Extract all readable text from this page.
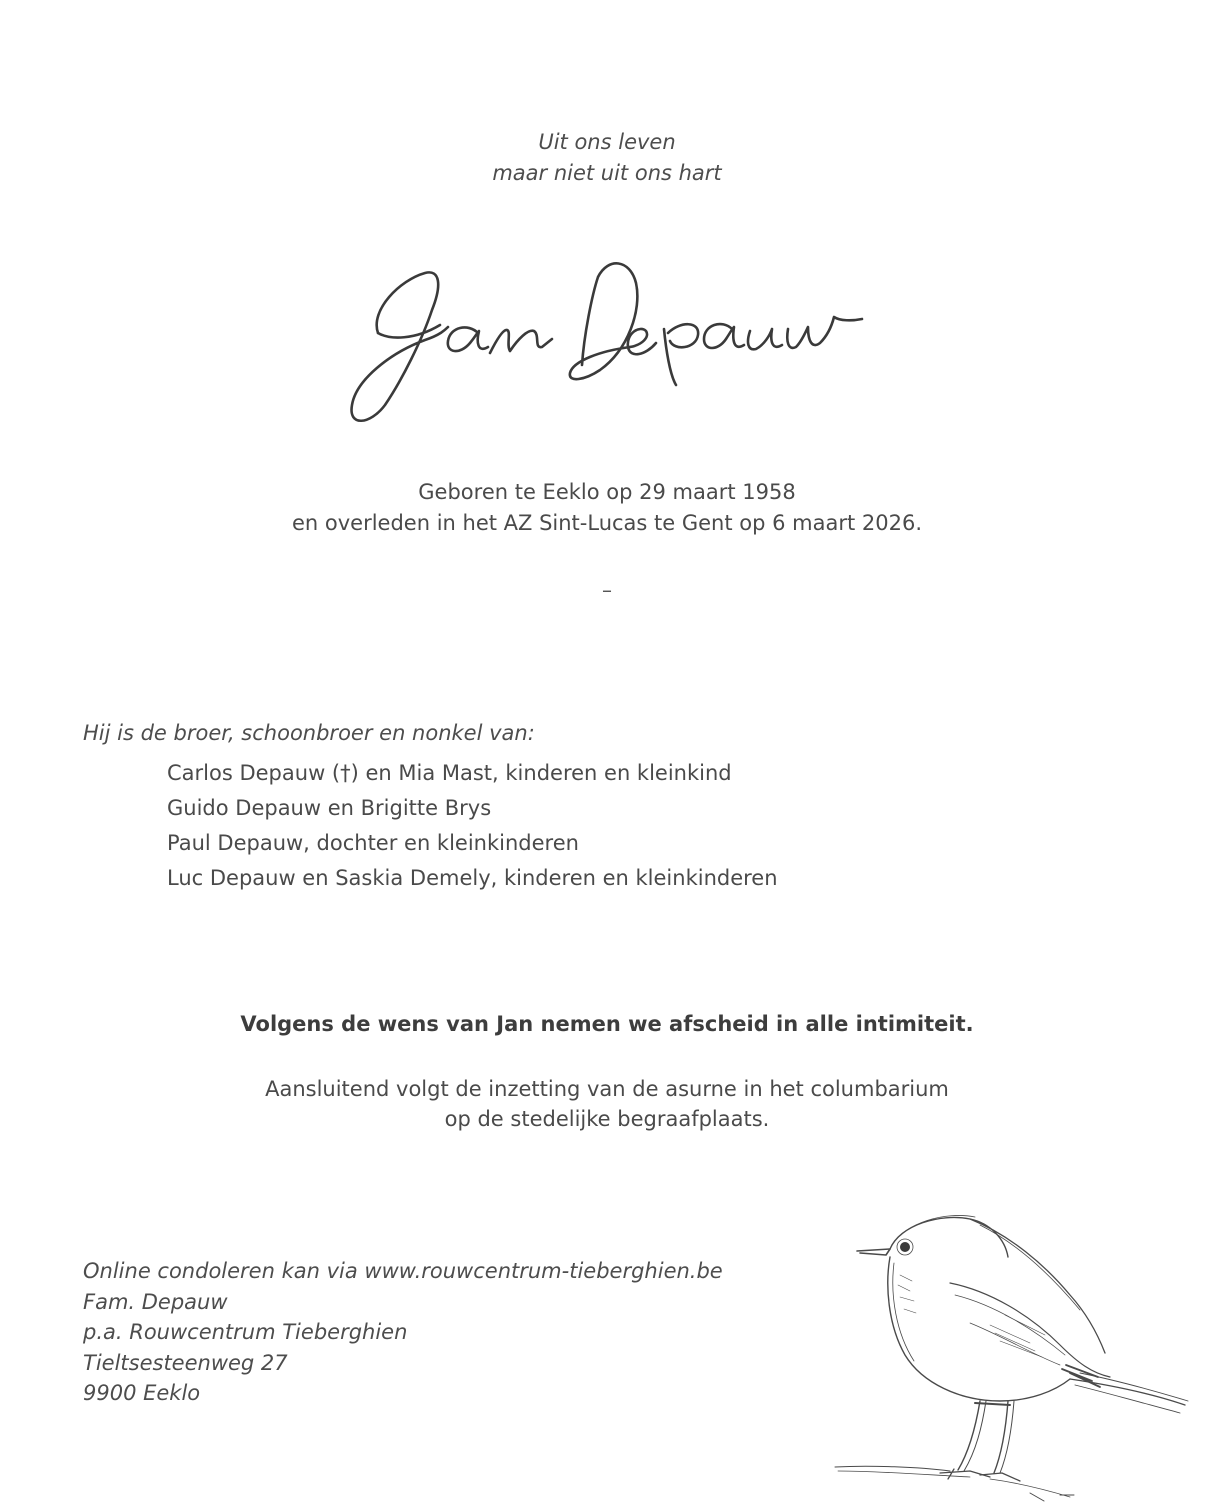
Uit ons leven
maar niet uit ons hart
Geboren te Eeklo op 29 maart 1958
en overleden in het AZ Sint-Lucas te Gent op 6 maart 2026.
–
Hij is de broer, schoonbroer en nonkel van:
Carlos Depauw (†) en Mia Mast, kinderen en kleinkind
Guido Depauw en Brigitte Brys
Paul Depauw, dochter en kleinkinderen
Luc Depauw en Saskia Demely, kinderen en kleinkinderen
Volgens de wens van Jan nemen we afscheid in alle intimiteit.
Aansluitend volgt de inzetting van de asurne in het columbarium
op de stedelijke begraafplaats.
Online condoleren kan via www.rouwcentrum-tieberghien.be
Fam. Depauw
p.a. Rouwcentrum Tieberghien
Tieltsesteenweg 27
9900 Eeklo
